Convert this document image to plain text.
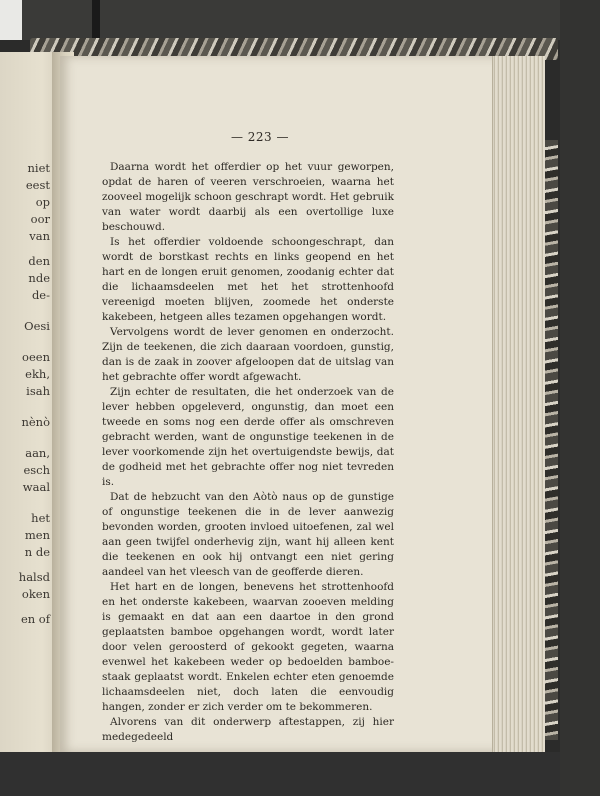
niet
eest
op
oor
van
den
nde
de-
Oesi
oeen
ekh,
isah
nènò
aan,
esch
waal
het
men
n de
halsd
oken
en of

— 223 —

Daarna wordt het offerdier op het vuur geworpen, opdat de haren of veeren verschroeien, waarna het zooveel mogelijk schoon geschrapt wordt. Het gebruik van water wordt daarbij als een overtollige luxe beschouwd.

Is het offerdier voldoende schoongeschrapt, dan wordt de borstkast rechts en links geopend en het hart en de longen eruit genomen, zoodanig echter dat die lichaamsdeelen met het het strottenhoofd vereenigd moeten blijven, zoomede het onderste kakebeen, hetgeen alles tezamen opgehangen wordt.

Vervolgens wordt de lever genomen en onderzocht. Zijn de teekenen, die zich daaraan voordoen, gunstig, dan is de zaak in zoover afgeloopen dat de uitslag van het gebrachte offer wordt afgewacht.

Zijn echter de resultaten, die het onderzoek van de lever hebben opgeleverd, ongunstig, dan moet een tweede en soms nog een derde offer als omschreven gebracht werden, want de ongunstige teekenen in de lever voorkomende zijn het overtuigendste bewijs, dat de godheid met het gebrachte offer nog niet tevreden is.

Dat de hebzucht van den Aòtò naus op de gunstige of ongunstige teekenen die in de lever aanwezig bevonden worden, grooten invloed uitoefenen, zal wel aan geen twijfel onderhevig zijn, want hij alleen kent die teekenen en ook hij ontvangt een niet gering aandeel van het vleesch van de geofferde dieren.

Het hart en de longen, benevens het strottenhoofd en het onderste kakebeen, waarvan zooeven melding is gemaakt en dat aan een daartoe in den grond geplaatsten bamboe opgehangen wordt, wordt later door velen geroosterd of gekookt gegeten, waarna evenwel het kakebeen weder op bedoelden bamboe-staak geplaatst wordt. Enkelen echter eten genoemde lichaamsdeelen niet, doch laten die eenvoudig hangen, zonder er zich verder om te bekommeren.

Alvorens van dit onderwerp aftestappen, zij hier medegedeeld
